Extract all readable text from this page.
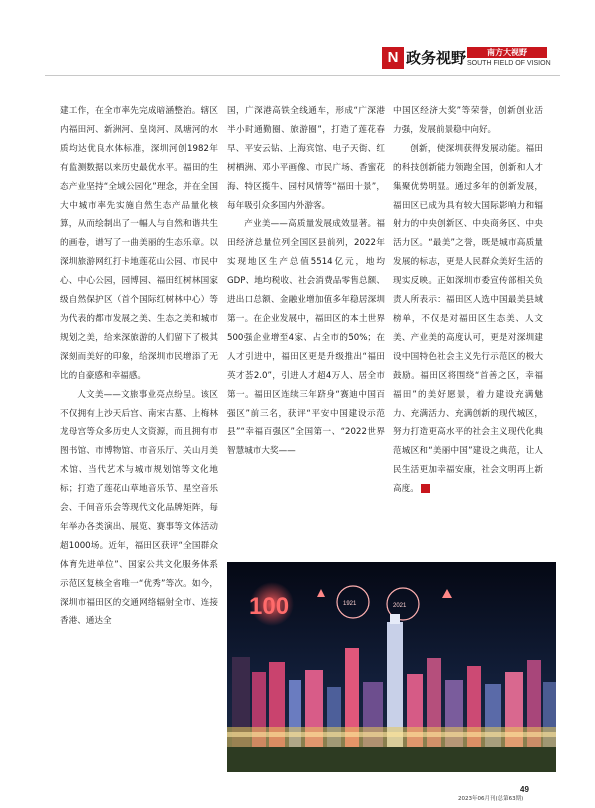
N 政务视野	南方大视野
SOUTH FIELD OF VISION

建工作，在全市率先完成暗涵整治。辖区内福田河、新洲河、皇岗河、凤塘河的水质均达优良水体标准，深圳河创1982年有监测数据以来历史最优水平。福田的生态产业坚持“全域公园化”理念，并在全国大中城市率先实施自然生态产品量化核算，从而绘制出了一幅人与自然和谐共生的画卷，谱写了一曲美丽的生态乐章。以深圳旅游网红打卡地莲花山公园、市民中心、中心公园，园博园、福田红树林国家级自然保护区（首个国际红树林中心）等为代表的都市发展之美、生态之美和城市规划之美，给来深旅游的人们留下了极其深刻而美好的印象，给深圳市民增添了无比的自豪感和幸福感。

人文美——文旅事业亮点纷呈。该区不仅拥有上沙天后宫、南宋古墓、上梅林龙母宫等众多历史人文资源，而且拥有市图书馆、市博物馆、市音乐厅、关山月美术馆、当代艺术与城市规划馆等文化地标；打造了莲花山草地音乐节、星空音乐会、千间音乐会等现代文化品牌矩阵，每年举办各类演出、展览、赛事等文体活动超1000场。近年，福田区获评“全国群众体育先进单位”、国家公共文化服务体系示范区复核全省唯一“优秀”等次。如今，深圳市福田区的交通网络辐射全市、连接香港、通达全

国，广深港高铁全线通车，形成“广深港半小时通勤圈、旅游圈”，打造了莲花春早、平安云钻、上海宾馆、电子天街、红树栖洲、邓小平画像、市民广场、香蜜花海、特区揽牛、园村风情等“福田十景”，每年吸引众多国内外游客。

产业美——高质量发展成效显著。福田经济总量位列全国区县前列，2022年实现地区生产总值5514亿元，地均GDP、地均税收、社会消费品零售总额、进出口总额、金融业增加值多年稳居深圳第一。在企业发展中，福田区的本土世界500强企业增至4家、占全市的50%；在人才引进中，福田区更是升级推出“福田英才荟2.0”，引进人才超4万人、居全市第一。福田区连续三年跻身“赛迪中国百强区”前三名，获评“平安中国建设示范县”“幸福百强区”全国第一、“2022世界智慧城市大奖——

中国区经济大奖”等荣誉，创新创业活力强，发展前景稳中向好。

创新，使深圳获得发展动能。福田的科技创新能力领跑全国，创新和人才集聚优势明显。通过多年的创新发展，福田区已成为具有较大国际影响力和辐射力的中央创新区、中央商务区、中央活力区。“最美”之誉，既是城市高质量发展的标志，更是人民群众美好生活的现实反映。正如深圳市委宣传部相关负责人所表示：福田区人选中国最美县域榜单，不仅是对福田区生态美、人文美、产业美的高度认可，更是对深圳建设中国特色社会主义先行示范区的极大鼓励。福田区将围绕“首善之区，幸福福田”的美好愿景，着力建设充满魅力、充满活力、充满创新的现代城区，努力打造更高水平的社会主义现代化典范城区和“美丽中国”建设之典范，让人民生活更加幸福安康，社会文明再上新高度。	N

100	1921	2021
49
2023年06月刊(总第63期)
